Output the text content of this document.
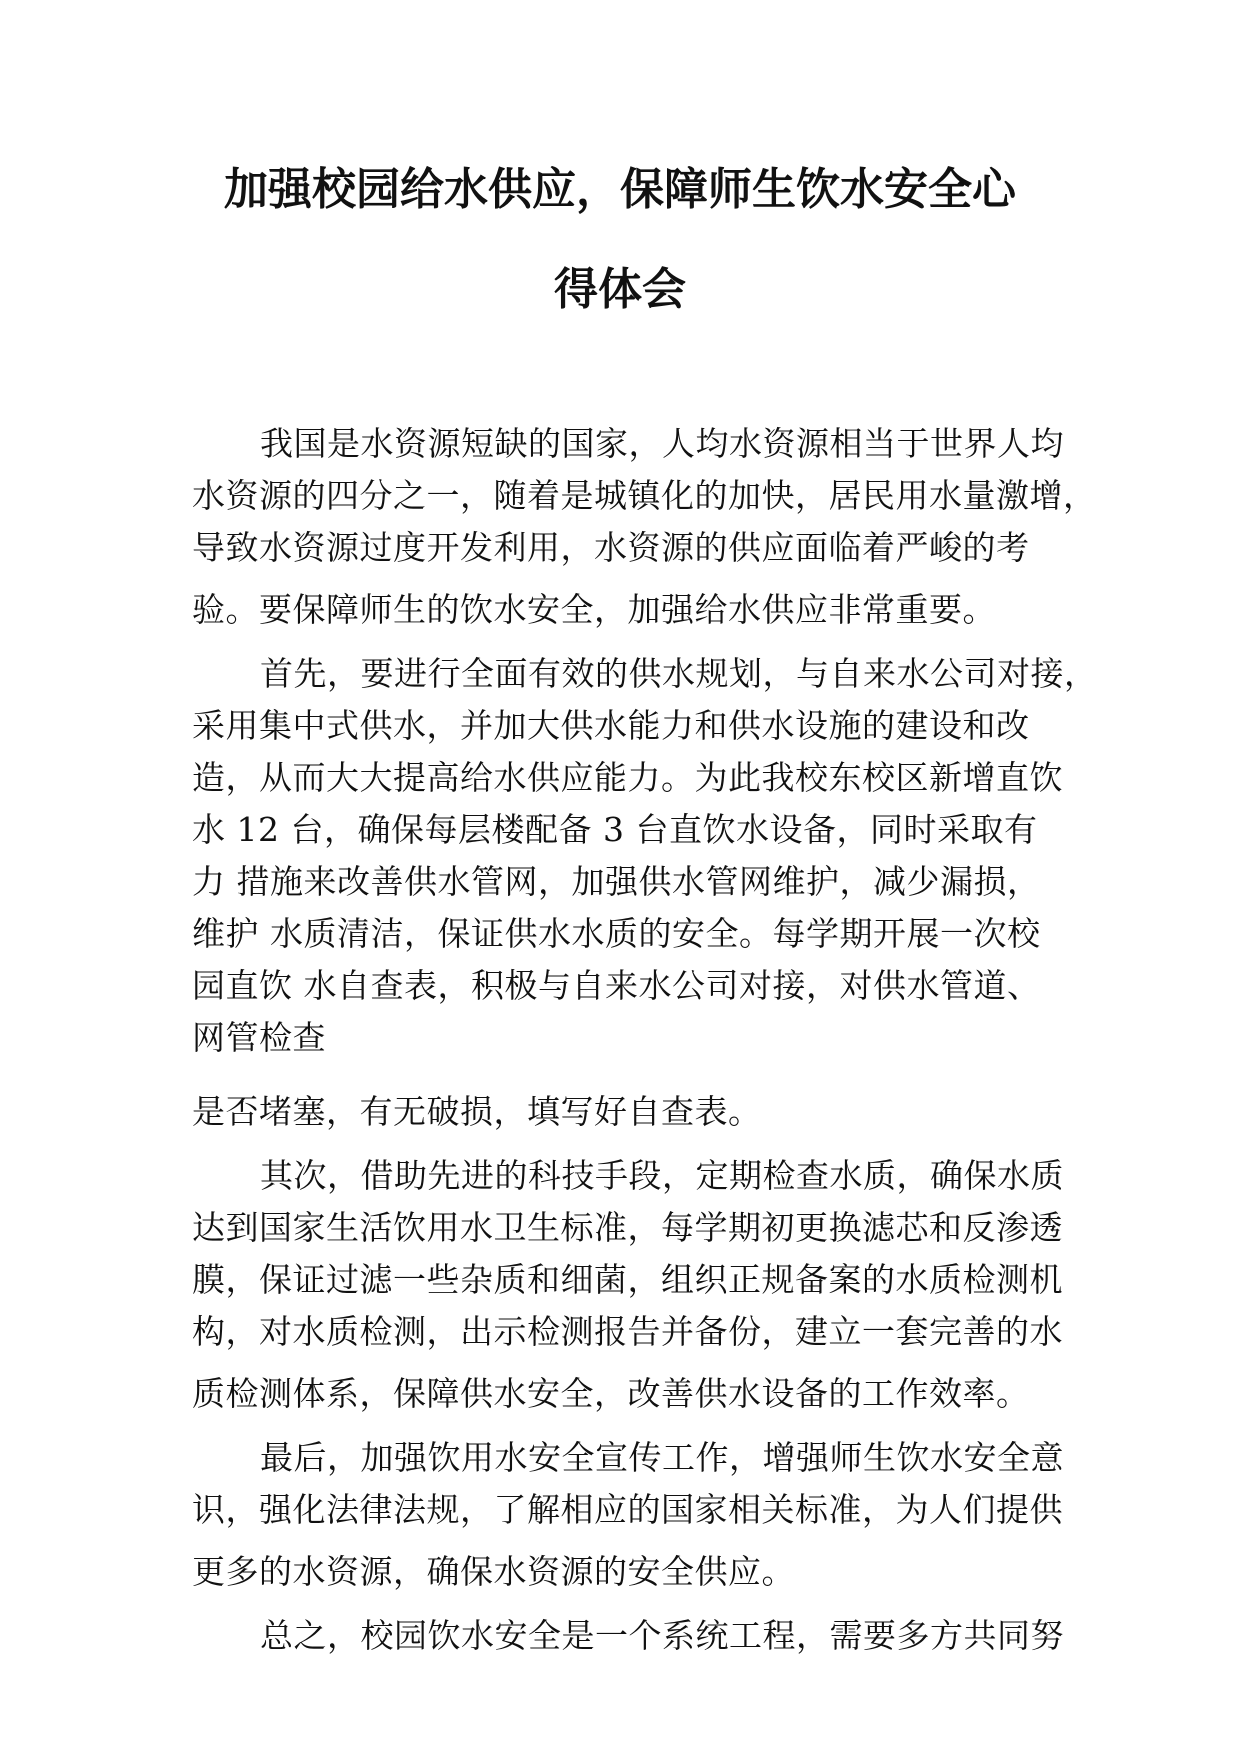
加强校园给水供应，保障师生饮水安全心
得体会
我国是水资源短缺的国家，人均水资源相当于世界人均
水资源的四分之一，随着是城镇化的加快，居民用水量激增，
导致水资源过度开发利用，水资源的供应面临着严峻的考
验。要保障师生的饮水安全，加强给水供应非常重要。
首先，要进行全面有效的供水规划，与自来水公司对接，
采用集中式供水，并加大供水能力和供水设施的建设和改
造，从而大大提高给水供应能力。为此我校东校区新增直饮
水 12 台，确保每层楼配备 3 台直饮水设备，同时采取有
力 措施来改善供水管网，加强供水管网维护，减少漏损，
维护 水质清洁，保证供水水质的安全。每学期开展一次校
园直饮 水自查表，积极与自来水公司对接，对供水管道、
网管检查
是否堵塞，有无破损，填写好自查表。
其次，借助先进的科技手段，定期检查水质，确保水质
达到国家生活饮用水卫生标准，每学期初更换滤芯和反渗透
膜，保证过滤一些杂质和细菌，组织正规备案的水质检测机
构，对水质检测，出示检测报告并备份，建立一套完善的水
质检测体系，保障供水安全，改善供水设备的工作效率。
最后，加强饮用水安全宣传工作，增强师生饮水安全意
识，强化法律法规，了解相应的国家相关标准，为人们提供
更多的水资源，确保水资源的安全供应。
总之，校园饮水安全是一个系统工程，需要多方共同努
